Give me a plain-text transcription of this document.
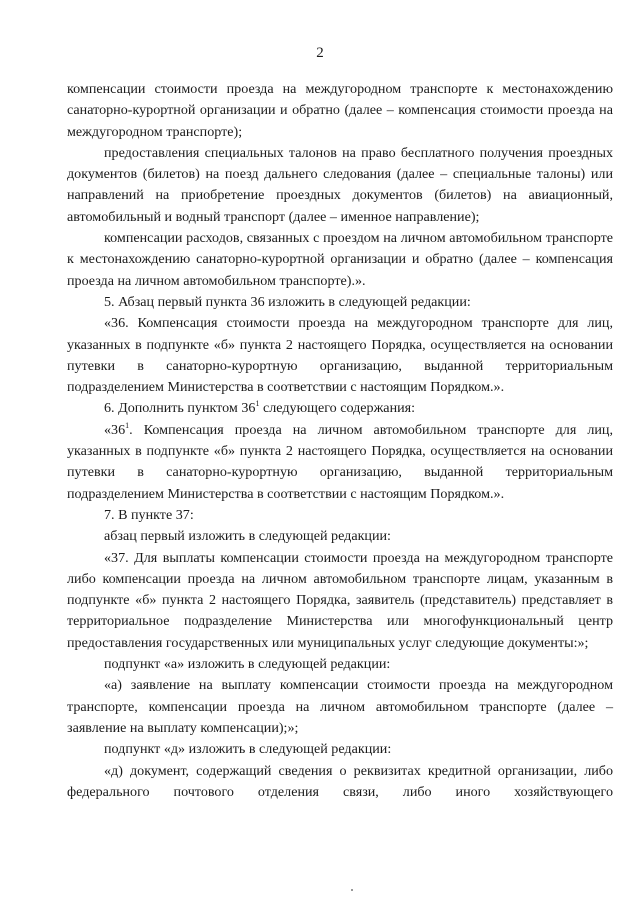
2

компенсации стоимости проезда на междугородном транспорте к местонахождению санаторно-курортной организации и обратно (далее – компенсация стоимости проезда на междугородном транспорте);

предоставления специальных талонов на право бесплатного получения проездных документов (билетов) на поезд дальнего следования (далее – специальные талоны) или направлений на приобретение проездных документов (билетов) на авиационный, автомобильный и водный транспорт (далее – именное направление);

компенсации расходов, связанных с проездом на личном автомобильном транспорте к местонахождению санаторно-курортной организации и обратно (далее – компенсация проезда на личном автомобильном транспорте).».

5. Абзац первый пункта 36 изложить в следующей редакции:

«36. Компенсация стоимости проезда на междугородном транспорте для лиц, указанных в подпункте «б» пункта 2 настоящего Порядка, осуществляется на основании путевки в санаторно-курортную организацию, выданной территориальным подразделением Министерства в соответствии с настоящим Порядком.».

6. Дополнить пунктом $36^1$ следующего содержания:

«$36^1$. Компенсация проезда на личном автомобильном транспорте для лиц, указанных в подпункте «б» пункта 2 настоящего Порядка, осуществляется на основании путевки в санаторно-курортную организацию, выданной территориальным подразделением Министерства в соответствии с настоящим Порядком.».

7. В пункте 37:

абзац первый изложить в следующей редакции:

«37. Для выплаты компенсации стоимости проезда на междугородном транспорте либо компенсации проезда на личном автомобильном транспорте лицам, указанным в подпункте «б» пункта 2 настоящего Порядка, заявитель (представитель) представляет в территориальное подразделение Министерства или многофункциональный центр предоставления государственных или муниципальных услуг следующие документы:»;

подпункт «а» изложить в следующей редакции:

«а) заявление на выплату компенсации стоимости проезда на междугородном транспорте, компенсации проезда на личном автомобильном транспорте (далее – заявление на выплату компенсации);»;

подпункт «д» изложить в следующей редакции:

«д) документ, содержащий сведения о реквизитах кредитной организации, либо федерального почтового отделения связи, либо иного хозяйствующего
